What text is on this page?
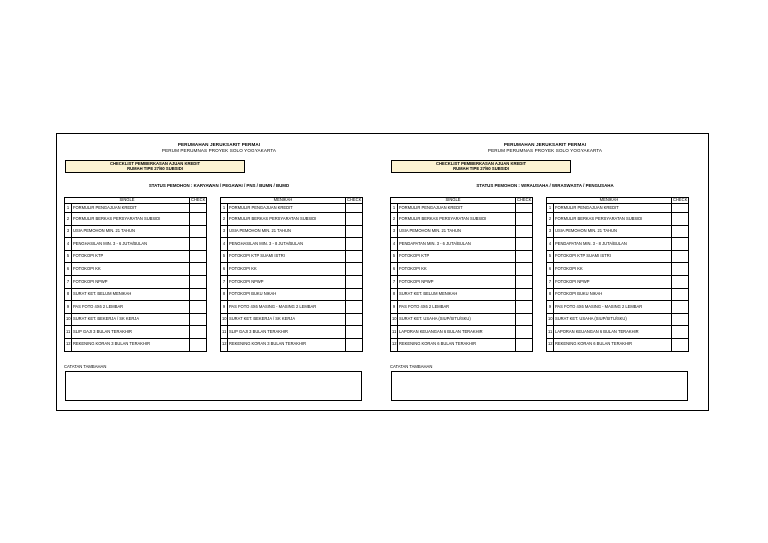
PERUMAHAN JERUKSARIT PERMAI
PERUM PERUMNAS PROYEK SOLO YOGYAKARTA
CHECKLIST PEMBERKASAN AJUAN KREDIT
RUMAH TIPE 27/60 SUBSIDI
STATUS PEMOHON : KARYAWAN / PEGAWAI / PNS / BUMN / BUMD
SINGLE		CHECK
1	FORMULIR PENGAJUAN KREDIT	
2	FORMULIR BERKAS PERSYARATAN SUBSIDI	
3	USIA PEMOHON MIN. 21 TAHUN	
4	PENGHASILAN MIN. 3 - 6 JUTA/BULAN	
5	FOTOKOPI KTP	
6	FOTOKOPI KK	
7	FOTOKOPI NPWP	
8	SURAT KET. BELUM MENIKAH	
9	PAS FOTO 4X6 2 LEMBAR	
10	SURAT KET. BEKERJA / SK KERJA	
11	SLIP GAJI 3 BULAN TERAKHIR	
12	REKENING KORAN 3 BULAN TERAKHIR	
MENIKAH		CHECK
1	FORMULIR PENGAJUAN KREDIT	
2	FORMULIR BERKAS PERSYARATAN SUBSIDI	
3	USIA PEMOHON MIN. 21 TAHUN	
4	PENGHASILAN MIN. 3 - 8 JUTA/BULAN	
5	FOTOKOPI KTP SUAMI ISTRI	
6	FOTOKOPI KK	
7	FOTOKOPI NPWP	
8	FOTOKOPI BUKU NIKAH	
9	PAS FOTO 4X6 MASING - MASING 2 LEMBAR	
10	SURAT KET. BEKERJA / SK KERJA	
11	SLIP GAJI 3 BULAN TERAKHIR	
12	REKENING KORAN 3 BULAN TERAKHIR	
CATATAN TAMBAHAN
PERUMAHAN JERUKSARIT PERMAI
PERUM PERUMNAS PROYEK SOLO YOGYAKARTA
CHECKLIST PEMBERKASAN AJUAN KREDIT
RUMAH TIPE 27/60 SUBSIDI
STATUS PEMOHON : WIRAUSAHA / WIRASWASTA / PENGUSAHA
SINGLE		CHECK
1	FORMULIR PENGAJUAN KREDIT	
2	FORMULIR BERKAS PERSYARATAN SUBSIDI	
3	USIA PEMOHON MIN. 21 TAHUN	
4	PENDAPATAN MIN. 3 - 6 JUTA/BULAN	
5	FOTOKOPI KTP	
6	FOTOKOPI KK	
7	FOTOKOPI NPWP	
8	SURAT KET. BELUM MENIKAH	
9	PAS FOTO 4X6 2 LEMBAR	
10	SURAT KET. USAHA (SIUP/SITU/SKU)	
11	LAPORAN KEUANGAN 6 BULAN TERAKHIR	
12	REKENING KORAN 6 BULAN TERAKHIR	
MENIKAH		CHECK
1	FORMULIR PENGAJUAN KREDIT	
2	FORMULIR BERKAS PERSYARATAN SUBSIDI	
3	USIA PEMOHON MIN. 21 TAHUN	
4	PENDAPATAN MIN. 3 - 8 JUTA/BULAN	
5	FOTOKOPI KTP SUAMI ISTRI	
6	FOTOKOPI KK	
7	FOTOKOPI NPWP	
8	FOTOKOPI BUKU NIKAH	
9	PAS FOTO 4X6 MASING - MASING 2 LEMBAR	
10	SURAT KET. USAHA (SIUP/SITU/SKU)	
11	LAPORAN KEUANGAN 6 BULAN TERAKHIR	
12	REKENING KORAN 6 BULAN TERAKHIR	
CATATAN TAMBAHAN
